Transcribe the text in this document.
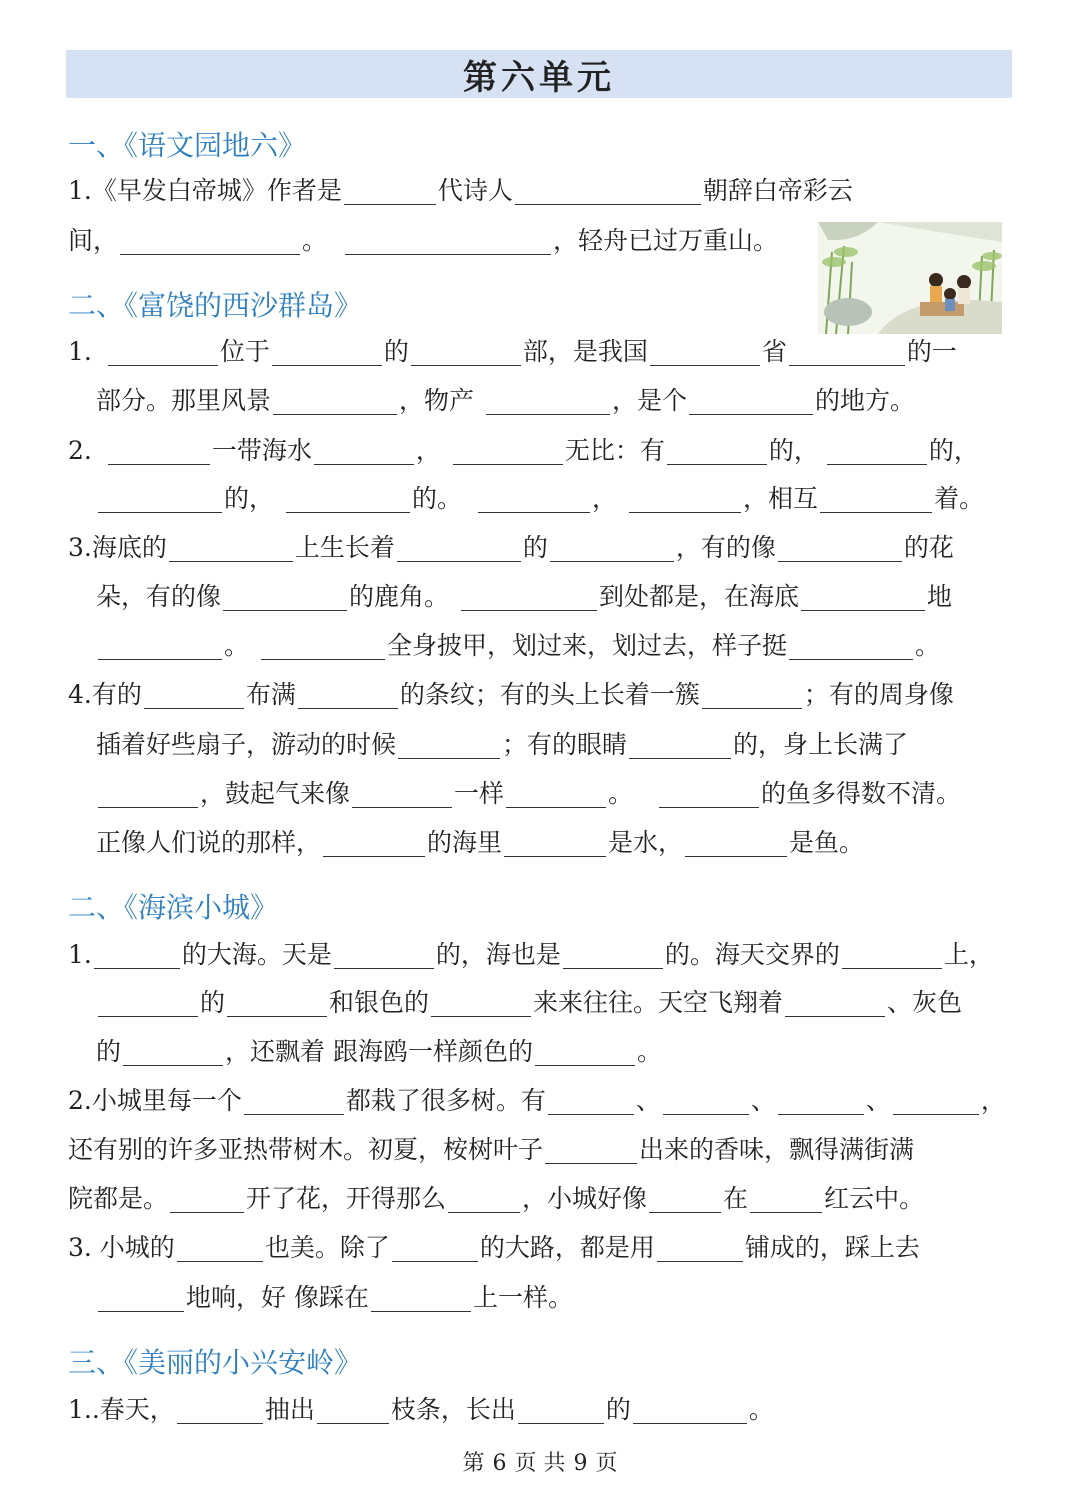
第六单元
一、《语文园地六》
1.《早发白帝城》作者是	代诗人	朝辞白帝彩云
间，	。	，轻舟已过万重山。
二、《富饶的西沙群岛》
1.	位于	的	部，是我国	省	的一
部分。那里风景	，物产	，是个	的地方。
2.	一带海水	，	无比：有	的，	的，
的，	的。	，	，相互	着。
3.海底的	上生长着	的	，有的像	的花
朵，有的像	的鹿角。	到处都是，在海底	地
。	全身披甲，划过来，划过去，样子挺	。
4.有的	布满	的条纹；有的头上长着一簇	；有的周身像
插着好些扇子，游动的时候	；有的眼睛	的，身上长满了
，鼓起气来像	一样	。	的鱼多得数不清。
正像人们说的那样，	的海里	是水，	是鱼。
二、《海滨小城》
1.	的大海。天是	的，海也是	的。海天交界的	上，
的	和银色的	来来往往。天空飞翔着	、灰色
的	，还飘着 跟海鸥一样颜色的	。
2.小城里每一个	都栽了很多树。有	、	、	、	，
还有别的许多亚热带树木。初夏，桉树叶子	出来的香味，飘得满街满
院都是。	开了花，开得那么	，小城好像	在	红云中。
3. 小城的	也美。除了	的大路，都是用	铺成的，踩上去
地响，好 像踩在	上一样。
三、《美丽的小兴安岭》
1..春天，	抽出	枝条，长出	的	。
第 6 页 共 9 页
